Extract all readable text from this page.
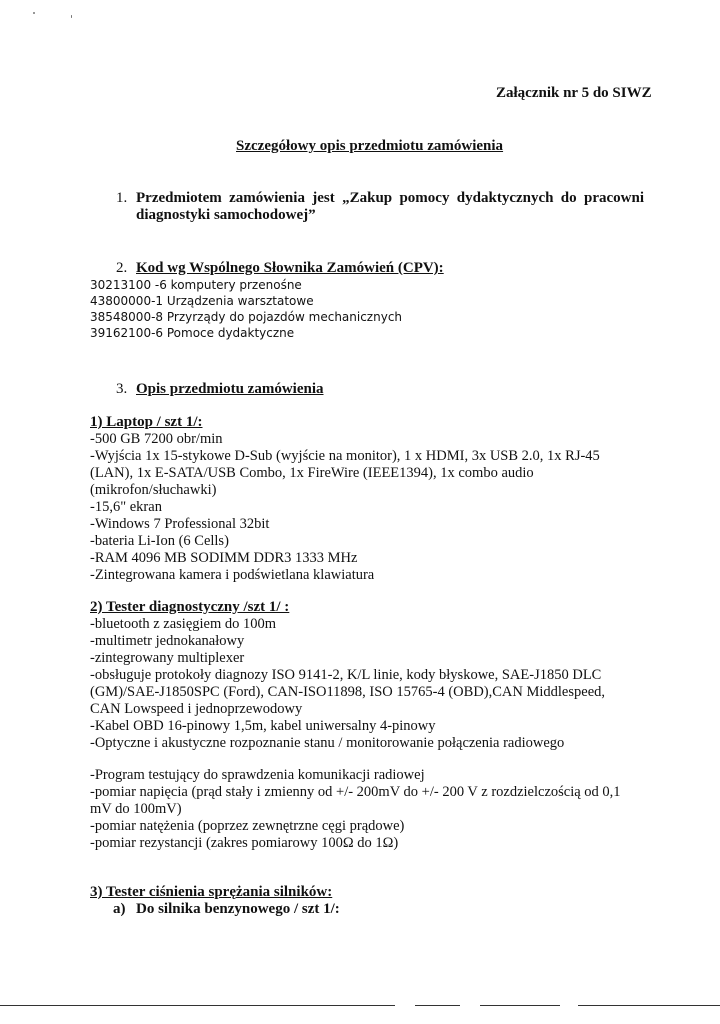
Załącznik nr 5 do SIWZ
Szczegółowy opis przedmiotu zamówienia
1. Przedmiotem zamówienia jest „Zakup pomocy dydaktycznych do pracowni
diagnostyki samochodowej”
2. Kod wg Wspólnego Słownika Zamówień (CPV):
30213100 -6 komputery przenośne
43800000-1 Urządzenia warsztatowe
38548000-8 Przyrządy do pojazdów mechanicznych
39162100-6 Pomoce dydaktyczne
3. Opis przedmiotu zamówienia
1) Laptop / szt 1/:
-500 GB 7200 obr/min
-Wyjścia 1x 15-stykowe D-Sub (wyjście na monitor), 1 x HDMI, 3x USB 2.0, 1x RJ-45
(LAN), 1x E-SATA/USB Combo, 1x FireWire (IEEE1394), 1x combo audio
(mikrofon/słuchawki)
-15,6" ekran
-Windows 7 Professional 32bit
-bateria Li-Ion (6 Cells)
-RAM 4096 MB SODIMM DDR3 1333 MHz
-Zintegrowana kamera i podświetlana klawiatura
2) Tester diagnostyczny /szt 1/ :
-bluetooth z zasięgiem do 100m
-multimetr jednokanałowy
-zintegrowany multiplexer
-obsługuje protokoły diagnozy ISO 9141-2, K/L linie, kody błyskowe, SAE-J1850 DLC
(GM)/SAE-J1850SPC (Ford), CAN-ISO11898, ISO 15765-4 (OBD),CAN Middlespeed,
CAN Lowspeed i jednoprzewodowy
-Kabel OBD 16-pinowy 1,5m, kabel uniwersalny 4-pinowy
-Optyczne i akustyczne rozpoznanie stanu / monitorowanie połączenia radiowego
-Program testujący do sprawdzenia komunikacji radiowej
-pomiar napięcia (prąd stały i zmienny od +/- 200mV do +/- 200 V z rozdzielczością od 0,1
mV do 100mV)
-pomiar natężenia (poprzez zewnętrzne cęgi prądowe)
-pomiar rezystancji (zakres pomiarowy 100Ω do 1Ω)
3) Tester ciśnienia sprężania silników:
a) Do silnika benzynowego / szt 1/:
